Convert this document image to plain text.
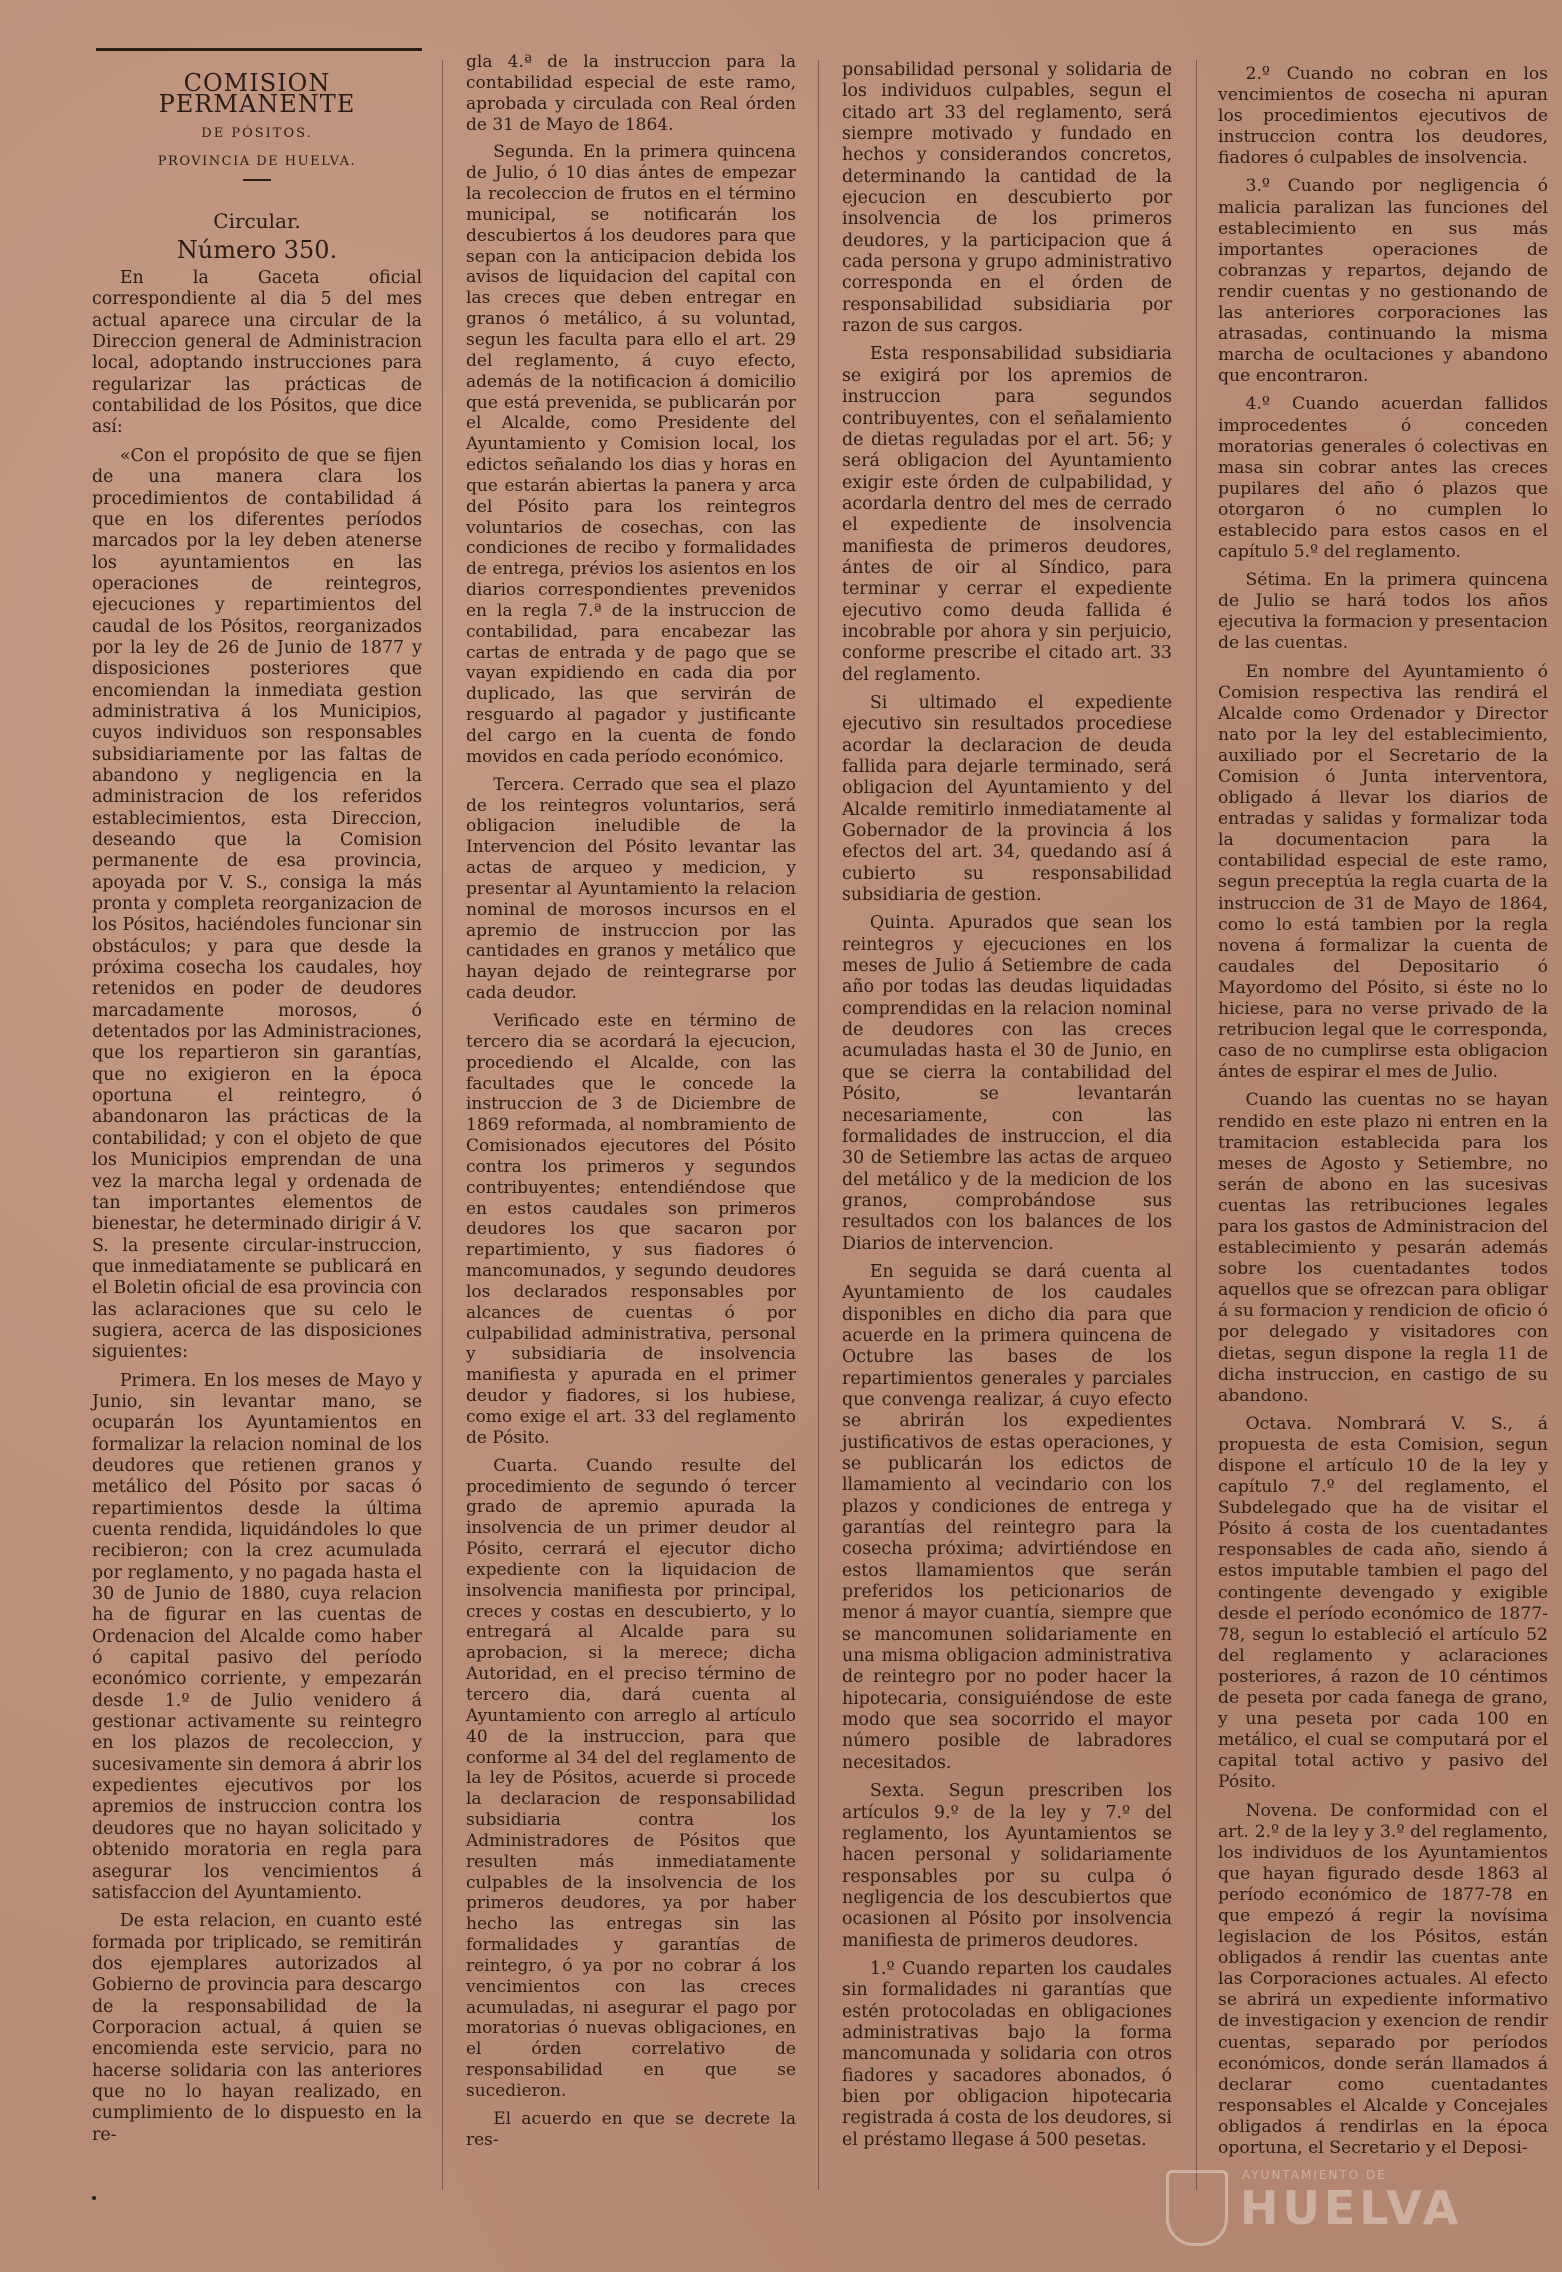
COMISION PERMANENTE

DE PÓSITOS.

PROVINCIA DE HUELVA.

Circular.

Número 350.

En la Gaceta oficial correspondiente al dia 5 del mes actual aparece una circular de la Direccion general de Administracion local, adoptando instrucciones para regularizar las prácticas de contabilidad de los Pósitos, que dice así:

«Con el propósito de que se fijen de una manera clara los procedimientos de contabilidad á que en los diferentes períodos marcados por la ley deben atenerse los ayuntamientos en las operaciones de reintegros, ejecuciones y repartimientos del caudal de los Pósitos, reorganizados por la ley de 26 de Junio de 1877 y disposiciones posteriores que encomiendan la inmediata gestion administrativa á los Municipios, cuyos individuos son responsables subsidiariamente por las faltas de abandono y negligencia en la administracion de los referidos establecimientos, esta Direccion, deseando que la Comision permanente de esa provincia, apoyada por V. S., consiga la más pronta y completa reorganizacion de los Pósitos, haciéndoles funcionar sin obstáculos; y para que desde la próxima cosecha los caudales, hoy retenidos en poder de deudores marcadamente morosos, ó detentados por las Administraciones, que los repartieron sin garantías, que no exigieron en la época oportuna el reintegro, ó abandonaron las prácticas de la contabilidad; y con el objeto de que los Municipios emprendan de una vez la marcha legal y ordenada de tan importantes elementos de bienestar, he determinado dirigir á V. S. la presente circular-instruccion, que inmediatamente se publicará en el Boletin oficial de esa provincia con las aclaraciones que su celo le sugiera, acerca de las disposiciones siguientes:

Primera. En los meses de Mayo y Junio, sin levantar mano, se ocuparán los Ayuntamientos en formalizar la relacion nominal de los deudores que retienen granos y metálico del Pósito por sacas ó repartimientos desde la última cuenta rendida, liquidándoles lo que recibieron; con la crez acumulada por reglamento, y no pagada hasta el 30 de Junio de 1880, cuya relacion ha de figurar en las cuentas de Ordenacion del Alcalde como haber ó capital pasivo del período económico corriente, y empezarán desde 1.º de Julio venidero á gestionar activamente su reintegro en los plazos de recoleccion, y sucesivamente sin demora á abrir los expedientes ejecutivos por los apremios de instruccion contra los deudores que no hayan solicitado y obtenido moratoria en regla para asegurar los vencimientos á satisfaccion del Ayuntamiento.

De esta relacion, en cuanto esté formada por triplicado, se remitirán dos ejemplares autorizados al Gobierno de provincia para descargo de la responsabilidad de la Corporacion actual, á quien se encomienda este servicio, para no hacerse solidaria con las anteriores que no lo hayan realizado, en cumplimiento de lo dispuesto en la re-

gla 4.ª de la instruccion para la contabilidad especial de este ramo, aprobada y circulada con Real órden de 31 de Mayo de 1864.

Segunda. En la primera quincena de Julio, ó 10 dias ántes de empezar la recoleccion de frutos en el término municipal, se notificarán los descubiertos á los deudores para que sepan con la anticipacion debida los avisos de liquidacion del capital con las creces que deben entregar en granos ó metálico, á su voluntad, segun les faculta para ello el art. 29 del reglamento, á cuyo efecto, además de la notificacion á domicilio que está prevenida, se publicarán por el Alcalde, como Presidente del Ayuntamiento y Comision local, los edictos señalando los dias y horas en que estarán abiertas la panera y arca del Pósito para los reintegros voluntarios de cosechas, con las condiciones de recibo y formalidades de entrega, prévios los asientos en los diarios correspondientes prevenidos en la regla 7.ª de la instruccion de contabilidad, para encabezar las cartas de entrada y de pago que se vayan expidiendo en cada dia por duplicado, las que servirán de resguardo al pagador y justificante del cargo en la cuenta de fondo movidos en cada período económico.

Tercera. Cerrado que sea el plazo de los reintegros voluntarios, será obligacion ineludible de la Intervencion del Pósito levantar las actas de arqueo y medicion, y presentar al Ayuntamiento la relacion nominal de morosos incursos en el apremio de instruccion por las cantidades en granos y metálico que hayan dejado de reintegrarse por cada deudor.

Verificado este en término de tercero dia se acordará la ejecucion, procediendo el Alcalde, con las facultades que le concede la instruccion de 3 de Diciembre de 1869 reformada, al nombramiento de Comisionados ejecutores del Pósito contra los primeros y segundos contribuyentes; entendiéndose que en estos caudales son primeros deudores los que sacaron por repartimiento, y sus fiadores ó mancomunados, y segundo deudores los declarados responsables por alcances de cuentas ó por culpabilidad administrativa, personal y subsidiaria de insolvencia manifiesta y apurada en el primer deudor y fiadores, si los hubiese, como exige el art. 33 del reglamento de Pósito.

Cuarta. Cuando resulte del procedimiento de segundo ó tercer grado de apremio apurada la insolvencia de un primer deudor al Pósito, cerrará el ejecutor dicho expediente con la liquidacion de insolvencia manifiesta por principal, creces y costas en descubierto, y lo entregará al Alcalde para su aprobacion, si la merece; dicha Autoridad, en el preciso término de tercero dia, dará cuenta al Ayuntamiento con arreglo al artículo 40 de la instruccion, para que conforme al 34 del del reglamento de la ley de Pósitos, acuerde si procede la declaracion de responsabilidad subsidiaria contra los Administradores de Pósitos que resulten más inmediatamente culpables de la insolvencia de los primeros deudores, ya por haber hecho las entregas sin las formalidades y garantías de reintegro, ó ya por no cobrar á los vencimientos con las creces acumuladas, ni asegurar el pago por moratorias ó nuevas obligaciones, en el órden correlativo de responsabilidad en que se sucedieron.

El acuerdo en que se decrete la res-

ponsabilidad personal y solidaria de los individuos culpables, segun el citado art 33 del reglamento, será siempre motivado y fundado en hechos y considerandos concretos, determinando la cantidad de la ejecucion en descubierto por insolvencia de los primeros deudores, y la participacion que á cada persona y grupo administrativo corresponda en el órden de responsabilidad subsidiaria por razon de sus cargos.

Esta responsabilidad subsidiaria se exigirá por los apremios de instruccion para segundos contribuyentes, con el señalamiento de dietas reguladas por el art. 56; y será obligacion del Ayuntamiento exigir este órden de culpabilidad, y acordarla dentro del mes de cerrado el expediente de insolvencia manifiesta de primeros deudores, ántes de oir al Síndico, para terminar y cerrar el expediente ejecutivo como deuda fallida é incobrable por ahora y sin perjuicio, conforme prescribe el citado art. 33 del reglamento.

Si ultimado el expediente ejecutivo sin resultados procediese acordar la declaracion de deuda fallida para dejarle terminado, será obligacion del Ayuntamiento y del Alcalde remitirlo inmediatamente al Gobernador de la provincia á los efectos del art. 34, quedando así á cubierto su responsabilidad subsidiaria de gestion.

Quinta. Apurados que sean los reintegros y ejecuciones en los meses de Julio á Setiembre de cada año por todas las deudas liquidadas comprendidas en la relacion nominal de deudores con las creces acumuladas hasta el 30 de Junio, en que se cierra la contabilidad del Pósito, se levantarán necesariamente, con las formalidades de instruccion, el dia 30 de Setiembre las actas de arqueo del metálico y de la medicion de los granos, comprobándose sus resultados con los balances de los Diarios de intervencion.

En seguida se dará cuenta al Ayuntamiento de los caudales disponibles en dicho dia para que acuerde en la primera quincena de Octubre las bases de los repartimientos generales y parciales que convenga realizar, á cuyo efecto se abrirán los expedientes justificativos de estas operaciones, y se publicarán los edictos de llamamiento al vecindario con los plazos y condiciones de entrega y garantías del reintegro para la cosecha próxima; advirtiéndose en estos llamamientos que serán preferidos los peticionarios de menor á mayor cuantía, siempre que se mancomunen solidariamente en una misma obligacion administrativa de reintegro por no poder hacer la hipotecaria, consiguiéndose de este modo que sea socorrido el mayor número posible de labradores necesitados.

Sexta. Segun prescriben los artículos 9.º de la ley y 7.º del reglamento, los Ayuntamientos se hacen personal y solidariamente responsables por su culpa ó negligencia de los descubiertos que ocasionen al Pósito por insolvencia manifiesta de primeros deudores.

1.º Cuando reparten los caudales sin formalidades ni garantías que estén protocoladas en obligaciones administrativas bajo la forma mancomunada y solidaria con otros fiadores y sacadores abonados, ó bien por obligacion hipotecaria registrada á costa de los deudores, si el préstamo llegase á 500 pesetas.

2.º Cuando no cobran en los vencimientos de cosecha ni apuran los procedimientos ejecutivos de instruccion contra los deudores, fiadores ó culpables de insolvencia.

3.º Cuando por negligencia ó malicia paralizan las funciones del establecimiento en sus más importantes operaciones de cobranzas y repartos, dejando de rendir cuentas y no gestionando de las anteriores corporaciones las atrasadas, continuando la misma marcha de ocultaciones y abandono que encontraron.

4.º Cuando acuerdan fallidos improcedentes ó conceden moratorias generales ó colectivas en masa sin cobrar antes las creces pupilares del año ó plazos que otorgaron ó no cumplen lo establecido para estos casos en el capítulo 5.º del reglamento.

Sétima. En la primera quincena de Julio se hará todos los años ejecutiva la formacion y presentacion de las cuentas.

En nombre del Ayuntamiento ó Comision respectiva las rendirá el Alcalde como Ordenador y Director nato por la ley del establecimiento, auxiliado por el Secretario de la Comision ó Junta interventora, obligado á llevar los diarios de entradas y salidas y formalizar toda la documentacion para la contabilidad especial de este ramo, segun preceptúa la regla cuarta de la instruccion de 31 de Mayo de 1864, como lo está tambien por la regla novena á formalizar la cuenta de caudales del Depositario ó Mayordomo del Pósito, si éste no lo hiciese, para no verse privado de la retribucion legal que le corresponda, caso de no cumplirse esta obligacion ántes de espirar el mes de Julio.

Cuando las cuentas no se hayan rendido en este plazo ni entren en la tramitacion establecida para los meses de Agosto y Setiembre, no serán de abono en las sucesivas cuentas las retribuciones legales para los gastos de Administracion del establecimiento y pesarán además sobre los cuentadantes todos aquellos que se ofrezcan para obligar á su formacion y rendicion de oficio ó por delegado y visitadores con dietas, segun dispone la regla 11 de dicha instruccion, en castigo de su abandono.

Octava. Nombrará V. S., á propuesta de esta Comision, segun dispone el artículo 10 de la ley y capítulo 7.º del reglamento, el Subdelegado que ha de visitar el Pósito á costa de los cuentadantes responsables de cada año, siendo á estos imputable tambien el pago del contingente devengado y exigible desde el período económico de 1877-78, segun lo estableció el artículo 52 del reglamento y aclaraciones posteriores, á razon de 10 céntimos de peseta por cada fanega de grano, y una peseta por cada 100 en metálico, el cual se computará por el capital total activo y pasivo del Pósito.

Novena. De conformidad con el art. 2.º de la ley y 3.º del reglamento, los individuos de los Ayuntamientos que hayan figurado desde 1863 al período económico de 1877-78 en que empezó á regir la novísima legislacion de los Pósitos, están obligados á rendir las cuentas ante las Corporaciones actuales. Al efecto se abrirá un expediente informativo de investigacion y exencion de rendir cuentas, separado por períodos económicos, donde serán llamados á declarar como cuentadantes responsables el Alcalde y Concejales obligados á rendirlas en la época oportuna, el Secretario y el Deposi-

AYUNTAMIENTO DE
HUELVA
